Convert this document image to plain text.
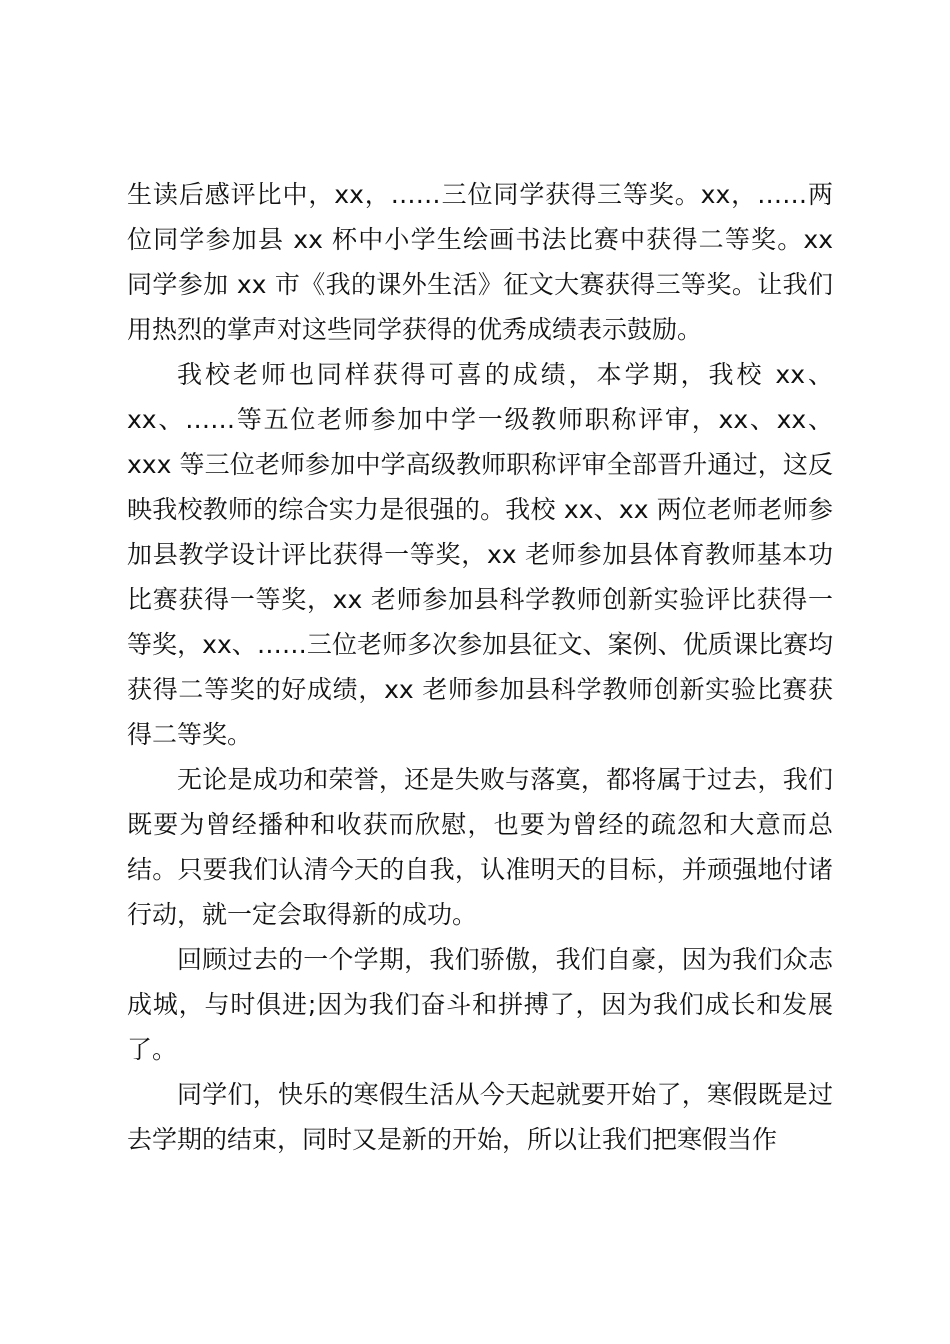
生读后感评比中，xx，……三位同学获得三等奖。xx，……两位同学参加县 xx 杯中小学生绘画书法比赛中获得二等奖。xx 同学参加 xx 市《我的课外生活》征文大赛获得三等奖。让我们用热烈的掌声对这些同学获得的优秀成绩表示鼓励。

我校老师也同样获得可喜的成绩，本学期，我校 xx、xx、……等五位老师参加中学一级教师职称评审，xx、xx、xxx 等三位老师参加中学高级教师职称评审全部晋升通过，这反映我校教师的综合实力是很强的。我校 xx、xx 两位老师老师参加县教学设计评比获得一等奖，xx 老师参加县体育教师基本功比赛获得一等奖，xx 老师参加县科学教师创新实验评比获得一等奖，xx、……三位老师多次参加县征文、案例、优质课比赛均获得二等奖的好成绩，xx 老师参加县科学教师创新实验比赛获得二等奖。

无论是成功和荣誉，还是失败与落寞，都将属于过去，我们既要为曾经播种和收获而欣慰，也要为曾经的疏忽和大意而总结。只要我们认清今天的自我，认准明天的目标，并顽强地付诸行动，就一定会取得新的成功。

回顾过去的一个学期，我们骄傲，我们自豪，因为我们众志成城，与时俱进;因为我们奋斗和拼搏了，因为我们成长和发展了。

同学们，快乐的寒假生活从今天起就要开始了，寒假既是过去学期的结束，同时又是新的开始，所以让我们把寒假当作
